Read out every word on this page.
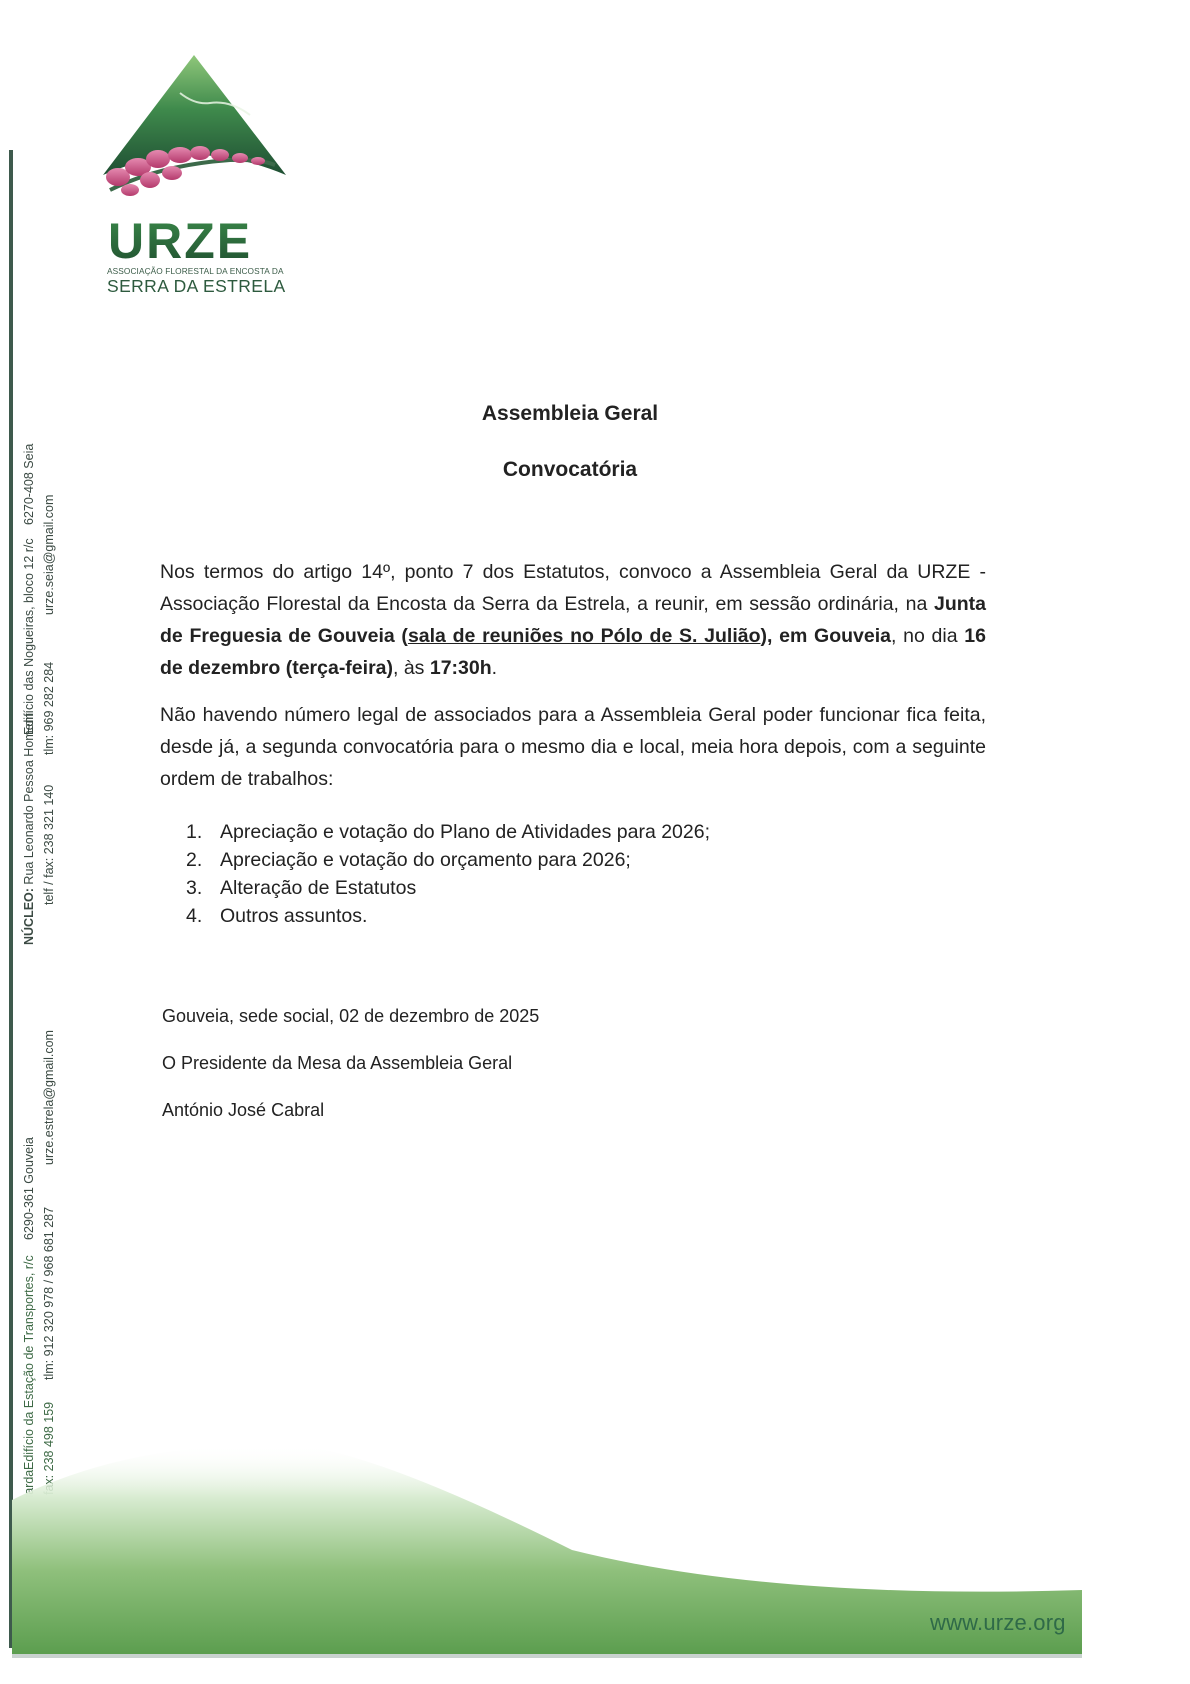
Edifício da Estação de Transportes, r/c
6290-361 Gouveia
NÚCLEO: Rua Leonardo Pessoa Homem
Edifício das Nogueiras, bloco 12 r/c
6270-408 Seia
fax: 238 498 159
tlm: 912 320 978 / 968 681 287
urze.estrela@gmail.com
telf / fax: 238 321 140
tlm: 969 282 284
urze.seia@gmail.com
URZE
ASSOCIAÇÃO FLORESTAL DA ENCOSTA DA
SERRA DA ESTRELA
Assembleia Geral
Convocatória
Nos termos do artigo 14º, ponto 7 dos Estatutos, convoco a Assembleia Geral da URZE - Associação Florestal da Encosta da Serra da Estrela, a reunir, em sessão ordinária, na Junta de Freguesia de Gouveia (sala de reuniões no Pólo de S. Julião), em Gouveia, no dia 16 de dezembro (terça-feira), às 17:30h.
Não havendo número legal de associados para a Assembleia Geral poder funcionar fica feita, desde já, a segunda convocatória para o mesmo dia e local, meia hora depois, com a seguinte ordem de trabalhos:
1. Apreciação e votação do Plano de Atividades para 2026;
2. Apreciação e votação do orçamento para 2026;
3. Alteração de Estatutos
4. Outros assuntos.
Gouveia, sede social, 02 de dezembro de 2025
O Presidente da Mesa da Assembleia Geral
António José Cabral
www.urze.org
